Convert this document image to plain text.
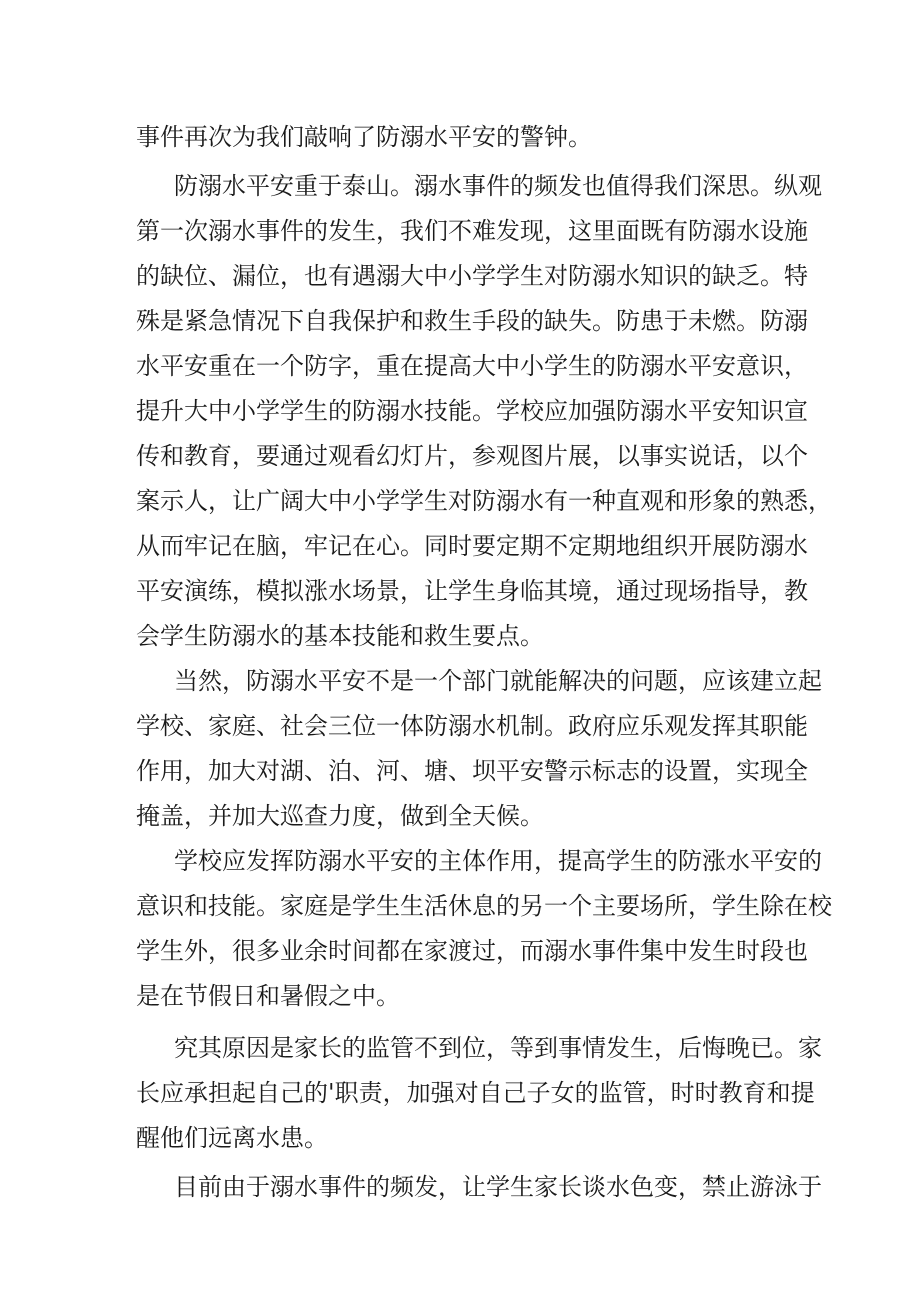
事件再次为我们敲响了防溺水平安的警钟。
防溺水平安重于泰山。溺水事件的频发也值得我们深思。纵观
第一次溺水事件的发生，我们不难发现，这里面既有防溺水设施
的缺位、漏位，也有遇溺大中小学学生对防溺水知识的缺乏。特
殊是紧急情况下自我保护和救生手段的缺失。防患于未燃。防溺
水平安重在一个防字，重在提高大中小学生的防溺水平安意识，
提升大中小学学生的防溺水技能。学校应加强防溺水平安知识宣
传和教育，要通过观看幻灯片，参观图片展，以事实说话，以个
案示人，让广阔大中小学学生对防溺水有一种直观和形象的熟悉，
从而牢记在脑，牢记在心。同时要定期不定期地组织开展防溺水
平安演练，模拟涨水场景，让学生身临其境，通过现场指导，教
会学生防溺水的基本技能和救生要点。
当然，防溺水平安不是一个部门就能解决的问题，应该建立起
学校、家庭、社会三位一体防溺水机制。政府应乐观发挥其职能
作用，加大对湖、泊、河、塘、坝平安警示标志的设置，实现全
掩盖，并加大巡查力度，做到全天候。
学校应发挥防溺水平安的主体作用，提高学生的防涨水平安的
意识和技能。家庭是学生生活休息的另一个主要场所，学生除在校
学生外，很多业余时间都在家渡过，而溺水事件集中发生时段也
是在节假日和暑假之中。
究其原因是家长的监管不到位，等到事情发生，后悔晚已。家
长应承担起自己的'职责，加强对自己子女的监管，时时教育和提
醒他们远离水患。
目前由于溺水事件的频发，让学生家长谈水色变，禁止游泳于
